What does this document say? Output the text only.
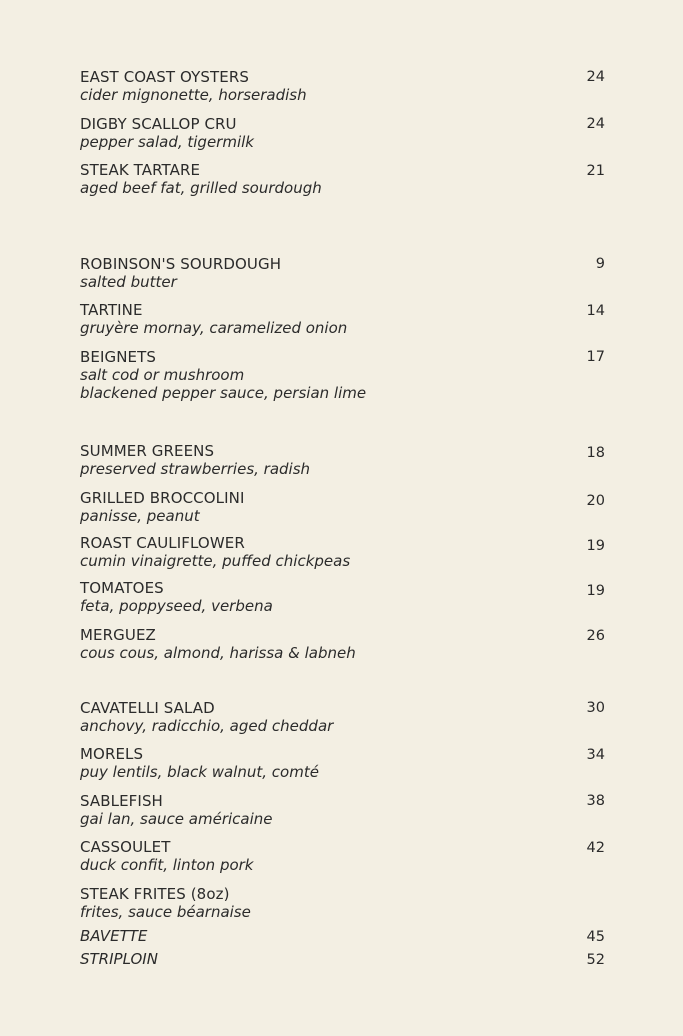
EAST COAST OYSTERS
cider mignonette, horseradish
24
DIGBY SCALLOP CRU
pepper salad, tigermilk
24
STEAK TARTARE
aged beef fat, grilled sourdough
21
ROBINSON'S SOURDOUGH
salted butter
9
TARTINE
gruyère mornay, caramelized onion
14
BEIGNETS
salt cod or mushroom
blackened pepper sauce, persian lime
17
SUMMER GREENS
preserved strawberries, radish
18
GRILLED BROCCOLINI
panisse, peanut
20
ROAST CAULIFLOWER
cumin vinaigrette, puffed chickpeas
19
TOMATOES
feta, poppyseed, verbena
19
MERGUEZ
cous cous, almond, harissa & labneh
26
CAVATELLI SALAD
anchovy, radicchio, aged cheddar
30
MORELS
puy lentils, black walnut, comté
34
SABLEFISH
gai lan, sauce américaine
38
CASSOULET
duck confit, linton pork
42
STEAK FRITES (8oz)
frites, sauce béarnaise
BAVETTE	45
STRIPLOIN	52
